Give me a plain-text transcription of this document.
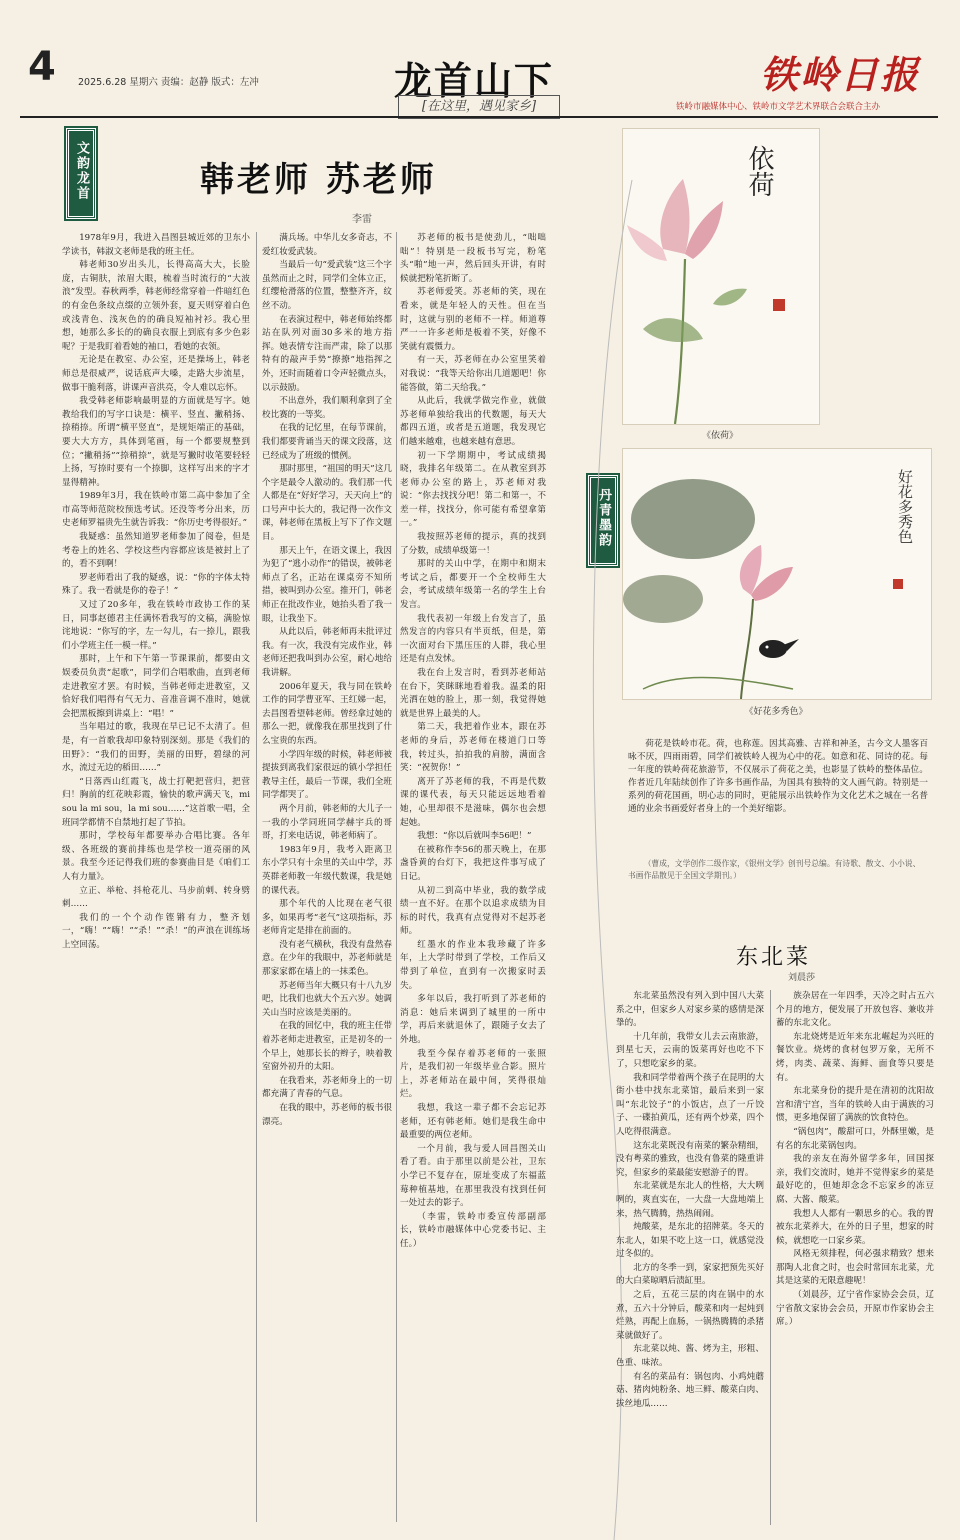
4 2025.6.28 星期六 责编：赵静 版式：左冲	龙首山下
[在这里，遇见家乡]
铁岭日报
铁岭市融媒体中心、铁岭市文学艺术界联合会联合主办
文韵龙首	韩老师 苏老师
李雷

1978年9月，我进入昌图县城近郊的卫东小学读书，韩淑文老师是我的班主任。

韩老师30岁出头儿，长得高高大大，长脸庞，古铜肤，浓眉大眼，梳着当时流行的“大波浪”发型。春秋两季，韩老师经常穿着一件暗红色的有金色条纹点缀的立领外套，夏天则穿着白色或浅青色、浅灰色的的确良短袖衬衫。我心里想，她那么多长的的确良衣服上到底有多少色彩呢？于是我盯着看她的袖口，看她的衣领。

无论是在教室、办公室，还是操场上，韩老师总是很威严，说话底声大嗓，走路大步流星，做事干脆利落，讲课声音洪亮，令人难以忘怀。

我受韩老师影响最明显的方面就是写字。她教给我们的写字口诀是：横平、竖直、撇稍扬、捺稍捺。所谓“横平竖直”，是规矩端正的基础，要大大方方，具体到笔画，每一个都要规整到位；“撇稍扬”“捺稍捺”，就是写撇时收笔要轻轻上扬，写捺时要有一个捺脚，这样写出来的字才显得精神。

1989年3月，我在铁岭市第二高中参加了全市高等师范院校预选考试。还没等考分出来，历史老师罗福贵先生就告诉我：“你历史考得很好。”

我疑惑：虽然知道罗老师参加了阅卷，但是考卷上的姓名、学校这些内容都应该是被封上了的，看不到啊！

罗老师看出了我的疑惑，说：“你的字体太特殊了。我一看就是你的卷子！”

又过了20多年，我在铁岭市政协工作的某日，同事赵德君主任满怀看我写的文稿，满脸惊诧地说：“你写的字，左一勾儿，右一捺儿，跟我们小学班主任一模一样。”

那时，上午和下午第一节课课前，都要由文娱委员负责“起歌”，同学们合唱歌曲，直到老师走进教室才罢。有时候，当韩老师走进教室，又恰好我们唱得有气无力、音准音调不准时，她就会把黑板擦到讲桌上：“唱！”

当年唱过的歌，我现在早已记不太清了。但是，有一首歌我却印象特别深刻。那是《我们的田野》：“我们的田野，美丽的田野，碧绿的河水，流过无边的稻田……”

“日落西山红霞飞，战士打靶把营归，把营归！胸前的红花映彩霞，愉快的歌声满天飞，mi sou la mi sou，la mi sou……”这首歌一唱，全班同学都情不自禁地打起了节拍。

那时，学校每年都要举办合唱比赛。各年级、各班级的赛前排练也是学校一道亮丽的风景。我至今还记得我们班的参赛曲目是《咱们工人有力量》。

立正、举枪、抖枪花儿、马步前刺、转身劈刺……

我们的一个个动作铿锵有力，整齐划一，“嗨！”“嗨！”“杀！”“杀！”的声浪在训练场上空回荡。

满兵场。中华儿女多奇志，不爱红妆爱武装。

当最后一句“爱武装”这三个字虽然而止之时，同学们全体立正，红缨枪滑落的位置，整整齐齐，纹丝不动。

在表演过程中，韩老师始终都站在队列对面30多米的地方指挥。她表情专注而严肃，除了以那特有的敲声手势“撩撩”地指挥之外，还时而随着口令声轻微点头，以示鼓励。

不出意外，我们顺利拿到了全校比赛的一等奖。

在我的记忆里，在每节课前，我们都要背诵当天的课文段落，这已经成为了班级的惯例。

那时那里，“祖国的明天”这几个字是最令人激动的。我们那一代人都是在“好好学习，天天向上”的口号声中长大的，我记得一次作文课，韩老师在黑板上写下了作文题目。

那天上午，在语文课上，我因为犯了“逃小动作”的错误，被韩老师点了名，正站在课桌旁不知所措，被叫到办公室。推开门，韩老师正在批改作业，她抬头看了我一眼，让我坐下。

从此以后，韩老师再未批评过我。有一次，我没有完成作业，韩老师还把我叫到办公室，耐心地给我讲解。

2006年夏天，我与同在铁岭工作的同学曹亚军、王红娣一起，去昌图看望韩老师。曾经拿过她的那么一把，就像我在那里找到了什么宝贵的东西。

小学四年级的时候，韩老师被提拔到离我们家很远的镇小学担任教导主任，最后一节课，我们全班同学都哭了。

两个月前，韩老师的大儿子一一我的小学同班同学赫宇兵的哥哥，打来电话说，韩老师病了。

1983年9月，我考入距离卫东小学只有十余里的关山中学，苏英群老师教一年级代数课，我是她的课代表。

那个年代的人比现在老气很多，如果再考“老气”这项指标，苏老师肯定是排在前面的。

没有老气横秋，我没有盘然春意。在少年的我眼中，苏老师就是那家家都在墙上的一抹柔色。

苏老师当年大概只有十八九岁吧，比我们也就大个五六岁。她调关山当时应该是美丽的。

在我的回忆中，我的班主任带着苏老师走进教室，正是初冬的一个早上，她那长长的辫子，映着教室窗外初升的太阳。

在我看来，苏老师身上的一切都充满了青春的气息。

在我的眼中，苏老师的板书很漂亮。

苏老师的板书是使劲儿，“咄咄咄”！特别是一段板书写完，粉笔头“啪”地一声，然后回头开讲，有时候就把粉笔折断了。

苏老师爱笑。苏老师的笑，现在看来，就是年轻人的天性。但在当时，这就与别的老师不一样。师道尊严一一许多老师是板着不笑，好像不笑就有震慑力。

有一天，苏老师在办公室里笑着对我说：“我等天给你出几道题吧！你能答做，第二天给我。”

从此后，我就学做完作业，就做苏老师单独给我出的代数题，每天大都四五道，或者是五道题，我发现它们越来越难，也越来越有意思。

初一下学期期中，考试成绩揭晓，我排名年级第二。在从教室到苏老师办公室的路上，苏老师对我说：“你去找找分吧！第二和第一，不差一样，找找分，你可能有希望拿第一。”

我按照苏老师的提示，真的找到了分数，成绩单级第一！

那时的关山中学，在期中和期末考试之后，都要开一个全校师生大会，考试成绩年级第一名的学生上台发言。

我代表初一年级上台发言了，虽然发言的内容只有半页纸，但是，第一次面对台下黑压压的人群，我心里还是有点发怵。

我在台上发言时，看到苏老师站在台下，笑眯眯地看着我。温柔的阳光洒在她的脸上，那一刻，我觉得她就是世界上最美的人。

第二天，我把着作业本，跟在苏老师的身后，苏老师在楼道门口等我，转过头，拍拍我的肩膀，满面含笑：“祝贺你！”

离开了苏老师的我，不再是代数课的课代表，每天只能远远地看着她，心里却很不是滋味，偶尔也会想起她。

我想：“你以后就叫李56吧！”

在被称作李56的那天晚上，在那盏昏黄的台灯下，我把这件事写成了日记。

从初二到高中毕业，我的数学成绩一直不好。在那个以追求成绩为目标的时代，我真有点觉得对不起苏老师。

红墨水的作业本我珍藏了许多年，上大学时带到了学校，工作后又带到了单位，直到有一次搬家时丢失。

多年以后，我打听到了苏老师的消息：她后来调到了城里的一所中学，再后来就退休了，跟随子女去了外地。

我至今保存着苏老师的一张照片，是我们初一年级毕业合影。照片上，苏老师站在最中间，笑得很灿烂。

我想，我这一辈子都不会忘记苏老师，还有韩老师。她们是我生命中最重要的两位老师。

一个月前，我与爱人回昌图关山看了看。由于那里以前是公社，卫东小学已不复存在，原址变成了东福蓝莓种植基地，在那里我没有找到任何一处过去的影子。

（李雷，铁岭市委宣传部副部长，铁岭市融媒体中心党委书记、主任。）

丹青墨韵
依荷
《依荷》
好花多秀色
《好花多秀色》

荷花是铁岭市花。荷，也称莲。因其高雅、吉祥和神圣，古今文人墨客百咏不厌，四雨雨碧，同学们被铁岭人视为心中的花。如意和花、同诗的花。每一年度的铁岭荷花旅游节，不仅展示了荷花之美，也影显了铁岭的整体品位。作者近几年陆续创作了许多书画作品，为国具有独特的文人画气韵。特别是一系列的荷花国画，明心志的同时，更能展示出铁岭作为文化艺术之城在一名普通的业余书画爱好者身上的一个美好缩影。

（曹成，文学创作二级作家，《银州文学》创刊号总编。有诗歌、散文、小小说、书画作品散见于全国文学期刊。）

东北菜
刘晨莎

东北菜虽然没有列入到中国八大菜系之中，但家乡人对家乡菜的感情是深挚的。

十几年前，我带女儿去云南旅游，到星七天，云南的饭菜再好也吃不下了，只想吃家乡的菜。

我和同学带着两个孩子在昆明的大街小巷中找东北菜馆，最后来到一家叫“东北饺子”的小饭店，点了一斤饺子、一碟拍黄瓜，还有两个炒菜，四个人吃得很满意。

这东北菜既没有南菜的繁杂精细，没有粤菜的雅致，也没有鲁菜的隆重讲究，但家乡的菜最能安慰游子的胃。

东北菜就是东北人的性格，大大咧咧的，爽直实在，一大盘一大盘地端上来，热气腾腾，热热闹闹。

炖酸菜，是东北的招牌菜。冬天的东北人，如果不吃上这一口，就感觉没过冬似的。

北方的冬季一到，家家把预先买好的大白菜晾晒后渍缸里。

之后，五花三层的肉在锅中的水煮，五六十分钟后，酸菜和肉一起炖到烂熟，再配上血肠，一锅热腾腾的杀猪菜就做好了。

东北菜以炖、酱、烤为主，形粗、色重、味浓。

有名的菜品有：锅包肉、小鸡炖蘑菇、猪肉炖粉条、地三鲜、酸菜白肉、拔丝地瓜……

族杂居在一年四季，天冷之时占五六个月的地方，便发展了开放包容、兼收并蓄的东北文化。

东北烧烤是近年来东北崛起为兴旺的餐饮业。烧烤的食材包罗万象，无所不烤，肉类、蔬菜、海鲜、面食等只要是有。

东北菜身份的提升是在清初的沈阳故宫和清宁宫，当年的铁岭人由于满族的习惯，更多地保留了满族的饮食特色。

“锅包肉”，酸甜可口，外酥里嫩，是有名的东北菜锅包肉。

我的亲友在海外留学多年，回国探亲，我们交流时，她并不觉得家乡的菜是最好吃的，但她却念念不忘家乡的冻豆腐、大酱、酸菜。

我想人人都有一颗思乡的心。我的胃被东北菜养大，在外的日子里，想家的时候，就想吃一口家乡菜。

风格无须排程，何必强求精致？想来那陶人北食之时，也会时常回东北菜，尤其是这菜的无限意趣呢！

（刘晨莎，辽宁省作家协会会员，辽宁省散文家协会会员，开原市作家协会主席。）
